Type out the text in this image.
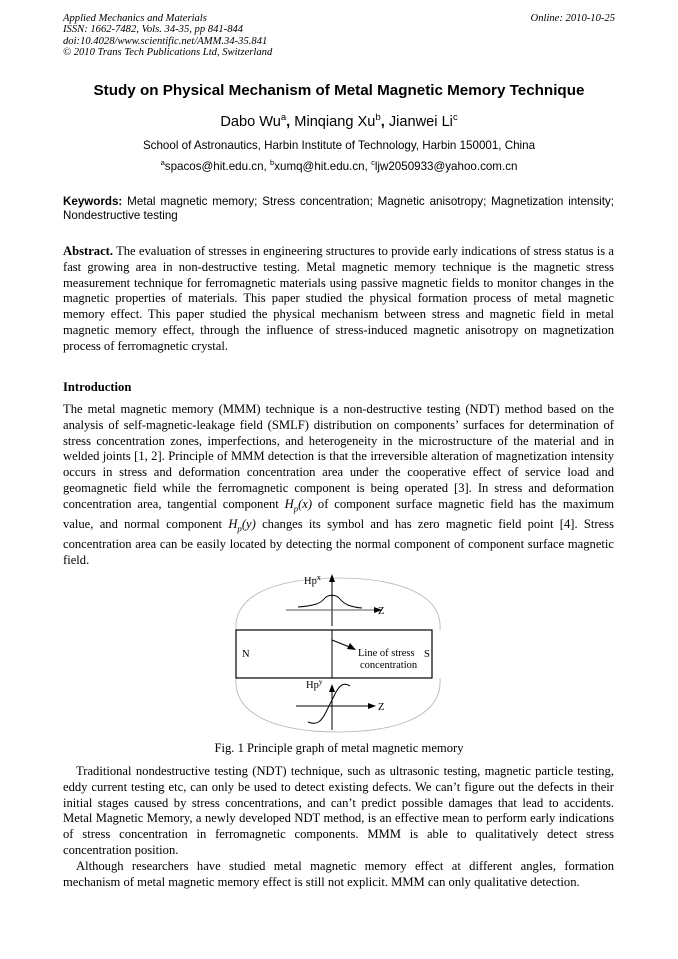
Applied Mechanics and Materials
ISSN: 1662-7482, Vols. 34-35, pp 841-844
doi:10.4028/www.scientific.net/AMM.34-35.841
© 2010 Trans Tech Publications Ltd, Switzerland
Online: 2010-10-25
Study on Physical Mechanism of Metal Magnetic Memory Technique
Dabo Wu$^a$, Minqiang Xu$^b$, Jianwei Li$^c$
School of Astronautics, Harbin Institute of Technology, Harbin 150001, China
$^a$spacos@hit.edu.cn, $^b$xumq@hit.edu.cn, $^c$ljw2050933@yahoo.com.cn
Keywords: Metal magnetic memory; Stress concentration; Magnetic anisotropy; Magnetization intensity; Nondestructive testing
Abstract. The evaluation of stresses in engineering structures to provide early indications of stress status is a fast growing area in non-destructive testing. Metal magnetic memory technique is the magnetic stress measurement technique for ferromagnetic materials using passive magnetic fields to monitor changes in the magnetic properties of materials. This paper studied the physical formation process of metal magnetic memory effect. This paper studied the physical mechanism between stress and magnetic field in metal magnetic memory effect, through the influence of stress-induced magnetic anisotropy on magnetization process of ferromagnetic crystal.
Introduction
The metal magnetic memory (MMM) technique is a non-destructive testing (NDT) method based on the analysis of self-magnetic-leakage field (SMLF) distribution on components’ surfaces for determination of stress concentration zones, imperfections, and heterogeneity in the microstructure of the material and in welded joints [1, 2]. Principle of MMM detection is that the irreversible alteration of magnetization intensity occurs in stress and deformation concentration area under the cooperative effect of service load and geomagnetic field while the ferromagnetic component is being operated [3]. In stress and deformation concentration area, tangential component $H_p(x)$ of component surface magnetic field has the maximum value, and normal component $H_p(y)$ changes its symbol and has zero magnetic field point [4]. Stress concentration area can be easily located by detecting the normal component of component surface magnetic field.
Hp$^x$
Z
N	S
Line of stress
concentration
Hp$^y$
Z
Fig. 1 Principle graph of metal magnetic memory

Traditional nondestructive testing (NDT) technique, such as ultrasonic testing, magnetic particle testing, eddy current testing etc, can only be used to detect existing defects. We can’t figure out the defects in their initial stages caused by stress concentrations, and can’t predict possible damages that lead to accidents. Metal Magnetic Memory, a newly developed NDT method, is an effective mean to perform early indications of stress concentration in ferromagnetic components. MMM is able to qualitatively detect stress concentration position.

Although researchers have studied metal magnetic memory effect at different angles, formation mechanism of metal magnetic memory effect is still not explicit. MMM can only qualitative detection.
